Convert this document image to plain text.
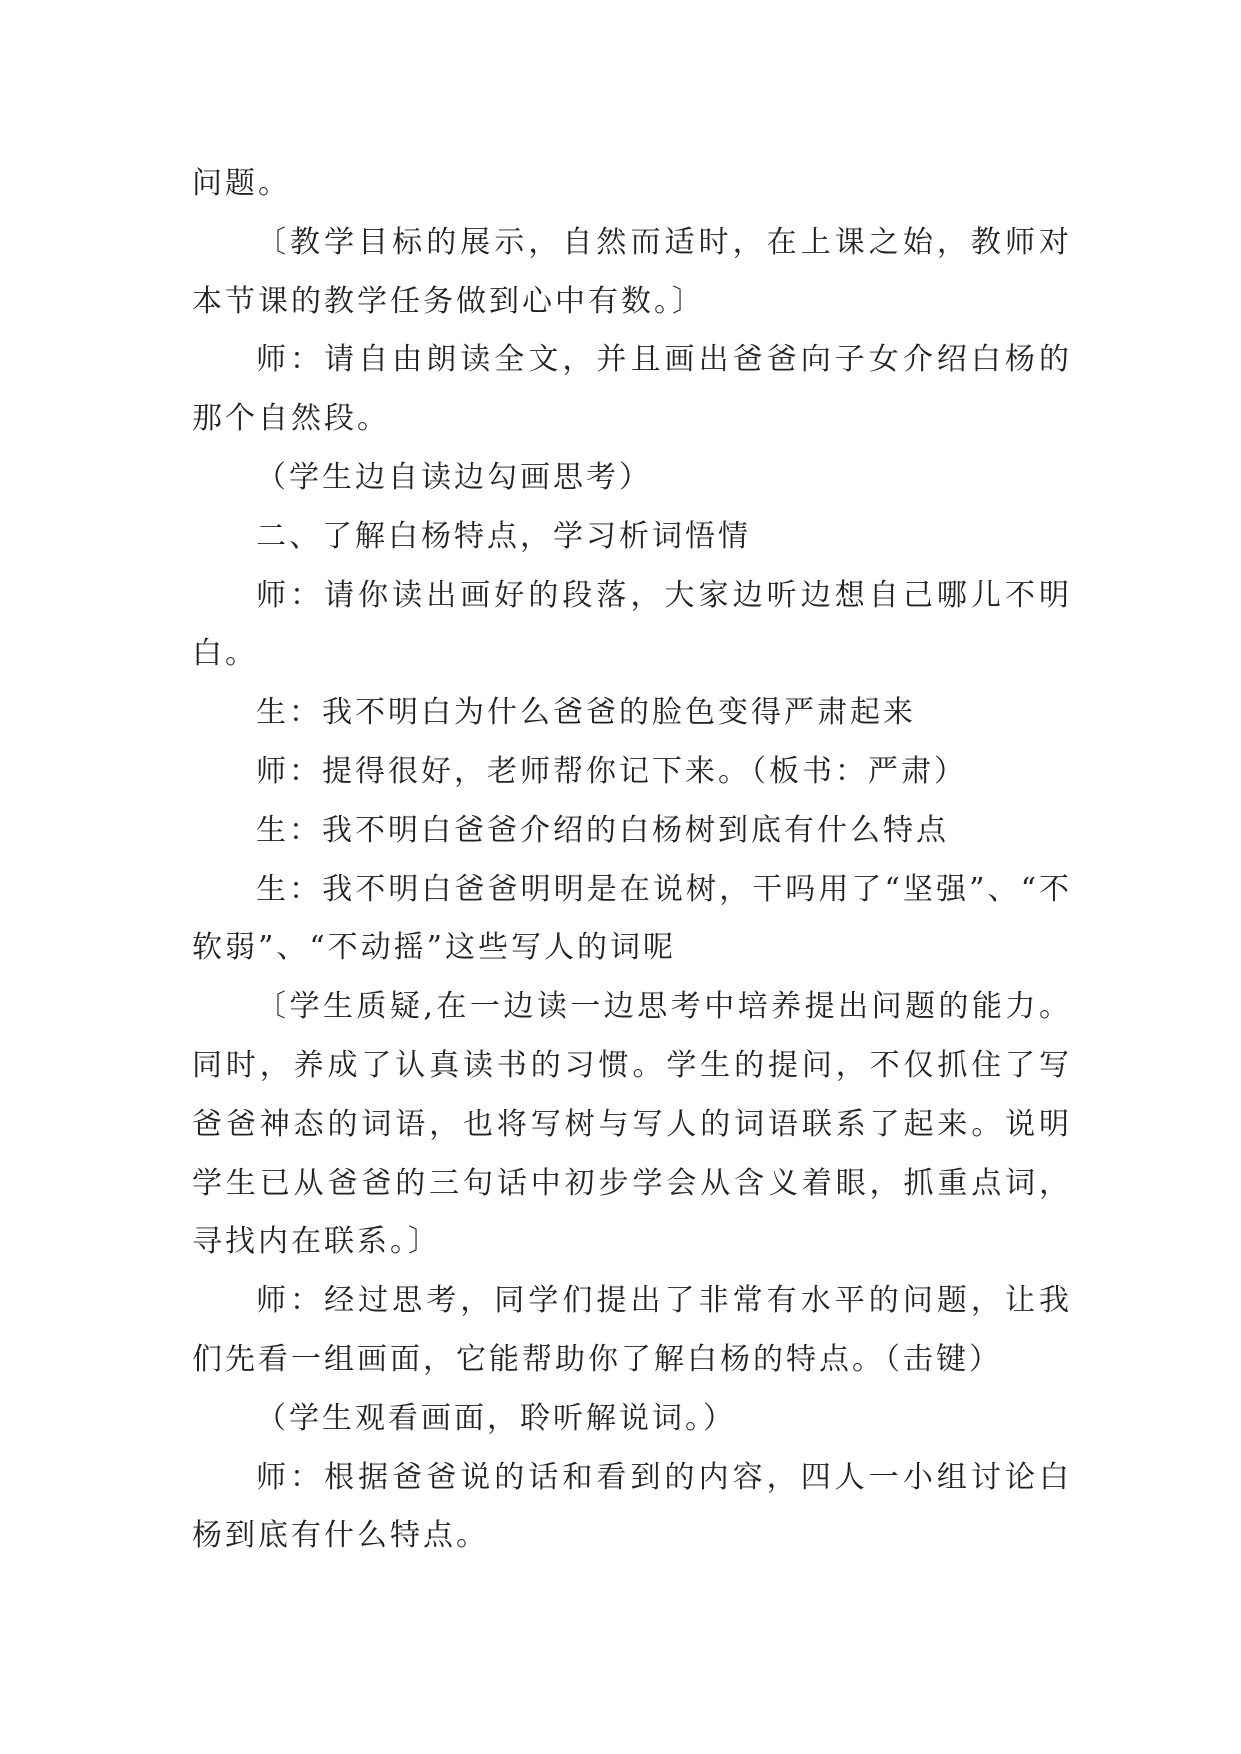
问题。

〔教学目标的展示，自然而适时，在上课之始，教师对本节课的教学任务做到心中有数。〕

师：请自由朗读全文，并且画出爸爸向子女介绍白杨的那个自然段。

（学生边自读边勾画思考）

二、了解白杨特点，学习析词悟情

师：请你读出画好的段落，大家边听边想自己哪儿不明白。

生：我不明白为什么爸爸的脸色变得严肃起来

师：提得很好，老师帮你记下来。（板书：严肃）

生：我不明白爸爸介绍的白杨树到底有什么特点

生：我不明白爸爸明明是在说树，干吗用了“坚强”、“不软弱”、“不动摇”这些写人的词呢

〔学生质疑,在一边读一边思考中培养提出问题的能力。同时，养成了认真读书的习惯。学生的提问，不仅抓住了写爸爸神态的词语，也将写树与写人的词语联系了起来。说明学生已从爸爸的三句话中初步学会从含义着眼，抓重点词，寻找内在联系。〕

师：经过思考，同学们提出了非常有水平的问题，让我们先看一组画面，它能帮助你了解白杨的特点。（击键）

（学生观看画面，聆听解说词。）

师：根据爸爸说的话和看到的内容，四人一小组讨论白杨到底有什么特点。
